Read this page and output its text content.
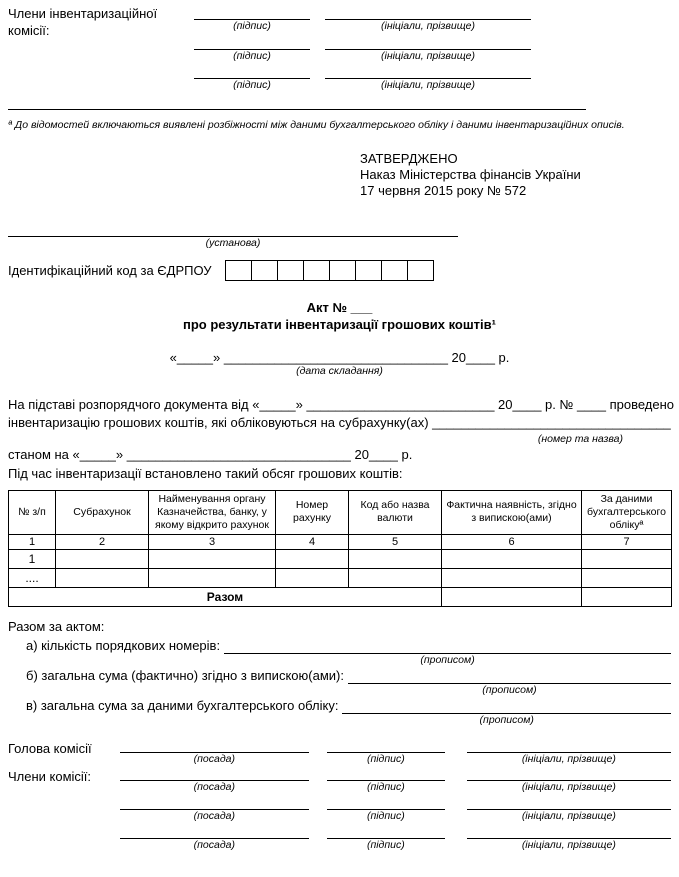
Члени інвентаризаційної комісії:	(підпис)	(ініціали, прізвище)
(підпис)	(ініціали, прізвище)
(підпис)	(ініціали, прізвище)
ª До відомостей включаються виявлені розбіжності між даними бухгалтерського обліку і даними інвентаризаційних описів.
ЗАТВЕРДЖЕНО
Наказ Міністерства фінансів України
17 червня 2015 року № 572
(установа)
Ідентифікаційний код за ЄДРПОУ
Акт № ___
про результати інвентаризації грошових коштів¹
«_____» _______________________________ 20____ р.
(дата складання)
На підставі розпорядчого документа від «_____» __________________________ 20____ р. № ____ проведено
інвентаризацію грошових коштів, які обліковуються на субрахунку(ах) _________________________________
(номер та назва)
станом на «_____» _______________________________ 20____ р.
Під час інвентаризації встановлено такий обсяг грошових коштів:
№ з/п	Субрахунок	Найменування органу Казначейства, банку, у якому відкрито рахунок	Номер рахунку	Код або назва валюти	Фактична наявність, згідно з випискою(ами)	За даними бухгалтерського облікуª
1	2	3	4	5	6	7
1						
....						
Разом						
Разом за актом:
а) кількість порядкових номерів:
(прописом)
б) загальна сума (фактично) згідно з випискою(ами):
(прописом)
в) загальна сума за даними бухгалтерського обліку:
(прописом)
Голова комісії
(посада)	(підпис)	(ініціали, прізвище)
Члени комісії:
(посада)	(підпис)	(ініціали, прізвище)
(посада)	(підпис)	(ініціали, прізвище)
(посада)	(підпис)	(ініціали, прізвище)
